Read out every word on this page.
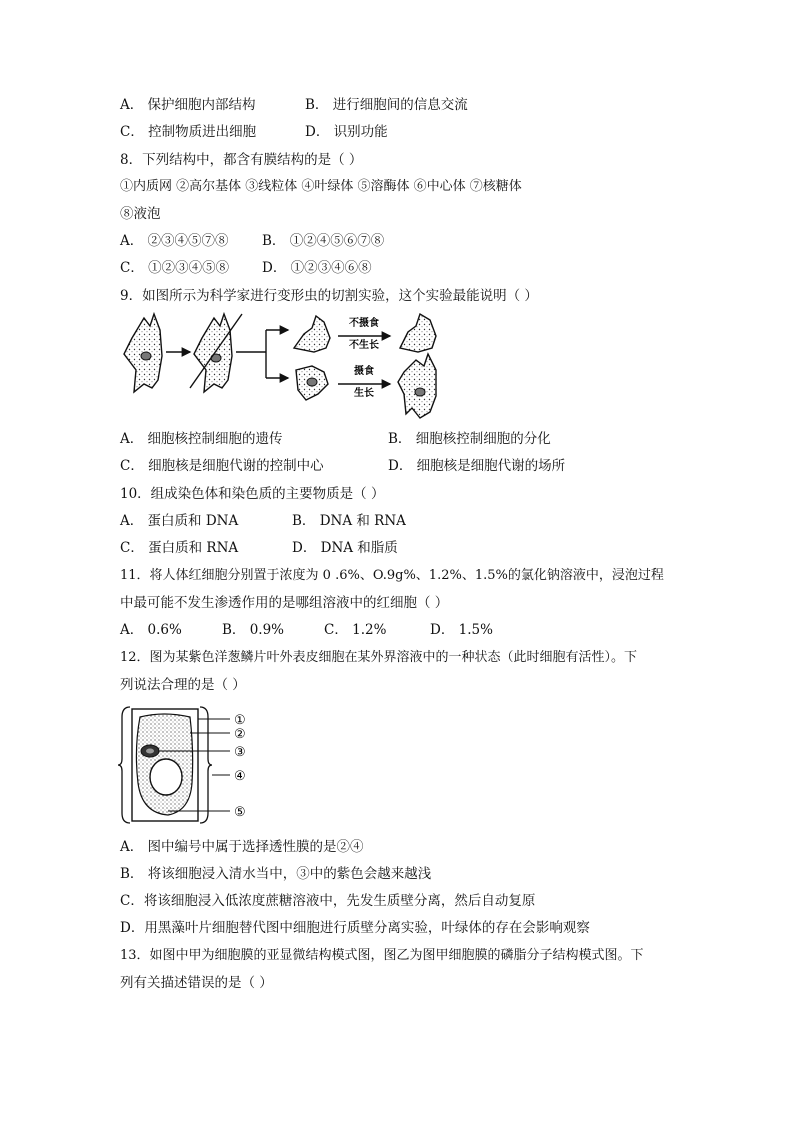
A． 保护细胞内部结构	B． 进行细胞间的信息交流
C． 控制物质进出细胞	D． 识别功能
8．下列结构中，都含有膜结构的是（ ）
①内质网 ②高尔基体 ③线粒体 ④叶绿体 ⑤溶酶体 ⑥中心体 ⑦核糖体
⑧液泡
A． ②③④⑤⑦⑧ B． ①②④⑤⑥⑦⑧
C． ①②③④⑤⑧ D． ①②③④⑥⑧
9．如图所示为科学家进行变形虫的切割实验，这个实验最能说明（ ）
不摄食
不生长
摄食
生长
A． 细胞核控制细胞的遗传	B． 细胞核控制细胞的分化
C． 细胞核是细胞代谢的控制中心	D． 细胞核是细胞代谢的场所
10．组成染色体和染色质的主要物质是（ ）
A． 蛋白质和 DNA	B． DNA 和 RNA
C． 蛋白质和 RNA	D． DNA 和脂质
11．将人体红细胞分别置于浓度为 0 .6%、O.9g%、1.2%、1.5%的氯化钠溶液中，浸泡过程
中最可能不发生渗透作用的是哪组溶液中的红细胞（ ）
A． 0.6%	B． 0.9%	C． 1.2%	D． 1.5%
12．图为某紫色洋葱鳞片叶外表皮细胞在某外界溶液中的一种状态（此时细胞有活性）。下
列说法合理的是（ ）
①
②
③
④
⑤
A． 图中编号中属于选择透性膜的是②④
B． 将该细胞浸入清水当中，③中的紫色会越来越浅
C．将该细胞浸入低浓度蔗糖溶液中，先发生质壁分离，然后自动复原
D．用黑藻叶片细胞替代图中细胞进行质壁分离实验，叶绿体的存在会影响观察
13．如图中甲为细胞膜的亚显微结构模式图，图乙为图甲细胞膜的磷脂分子结构模式图。下
列有关描述错误的是（ ）
